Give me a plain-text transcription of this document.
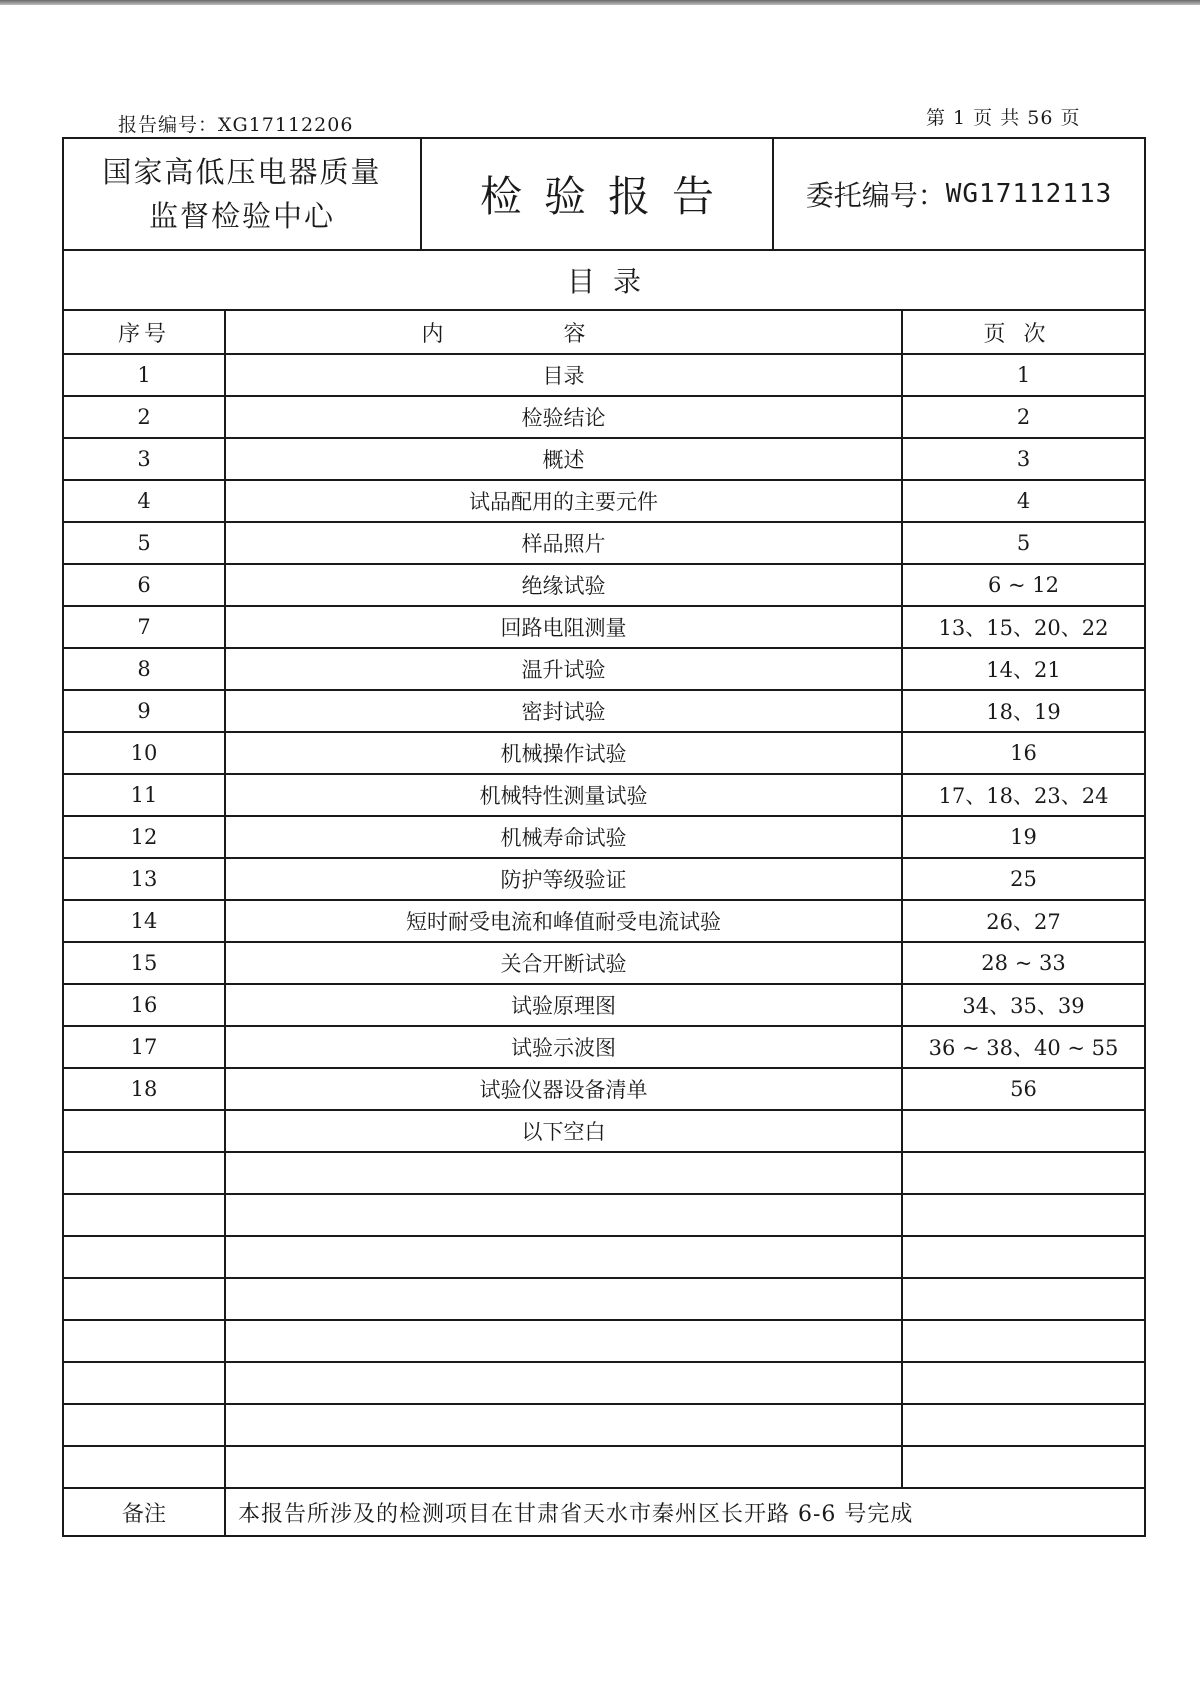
报告编号：XG17112206	第 1 页 共 56 页
国家高低压电器质量
监督检验中心	检验报告	委托编号： WG17112113
目录
序号	内容	页次
1	目录	1
2	检验结论	2
3	概述	3
4	试品配用的主要元件	4
5	样品照片	5
6	绝缘试验	6 ~ 12
7	回路电阻测量	13、15、20、22
8	温升试验	14、21
9	密封试验	18、19
10	机械操作试验	16
11	机械特性测量试验	17、18、23、24
12	机械寿命试验	19
13	防护等级验证	25
14	短时耐受电流和峰值耐受电流试验	26、27
15	关合开断试验	28 ~ 33
16	试验原理图	34、35、39
17	试验示波图	36 ~ 38、40 ~ 55
18	试验仪器设备清单	56
	以下空白	

备注	本报告所涉及的检测项目在甘肃省天水市秦州区长开路 6-6 号完成	
